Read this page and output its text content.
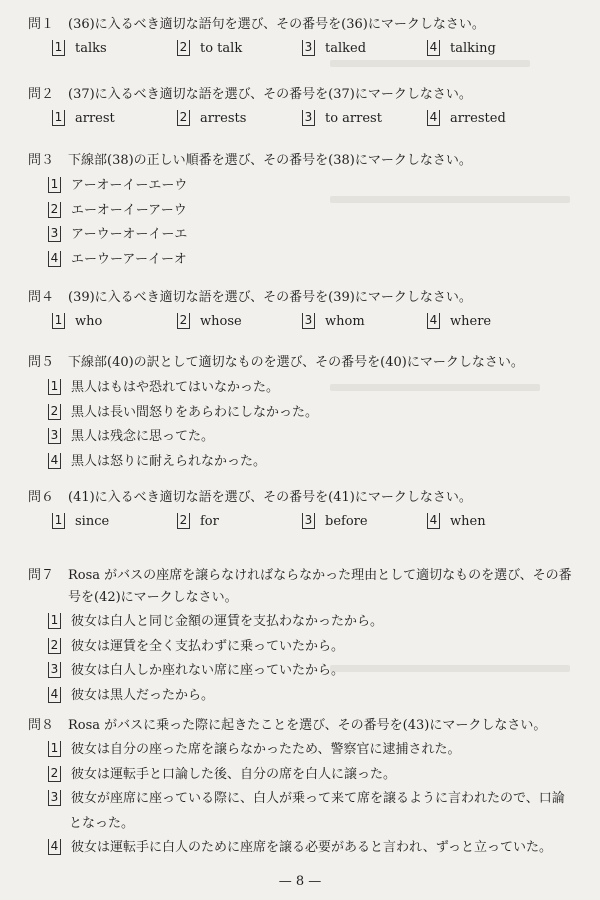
問１	(36)に入るべき適切な語句を選び、その番号を(36)にマークしなさい。
1 talks	2 to talk	3 talked	4 talking
問２	(37)に入るべき適切な語を選び、その番号を(37)にマークしなさい。
1 arrest	2 arrests	3 to arrest	4 arrested
問３	下線部(38)の正しい順番を選び、その番号を(38)にマークしなさい。
1 アーオーイーエーウ
2 エーオーイーアーウ
3 アーウーオーイーエ
4 エーウーアーイーオ
問４	(39)に入るべき適切な語を選び、その番号を(39)にマークしなさい。
1 who	2 whose	3 whom	4 where
問５	下線部(40)の訳として適切なものを選び、その番号を(40)にマークしなさい。
1 黒人はもはや恐れてはいなかった。
2 黒人は長い間怒りをあらわにしなかった。
3 黒人は残念に思ってた。
4 黒人は怒りに耐えられなかった。
問６	(41)に入るべき適切な語を選び、その番号を(41)にマークしなさい。
1 since	2 for	3 before	4 when
問７	Rosa がバスの座席を譲らなければならなかった理由として適切なものを選び、その番
号を(42)にマークしなさい。
1 彼女は白人と同じ金額の運賃を支払わなかったから。
2 彼女は運賃を全く支払わずに乗っていたから。
3 彼女は白人しか座れない席に座っていたから。
4 彼女は黒人だったから。
問８	Rosa がバスに乗った際に起きたことを選び、その番号を(43)にマークしなさい。
1 彼女は自分の座った席を譲らなかったため、警察官に逮捕された。
2 彼女は運転手と口論した後、自分の席を白人に譲った。
3 彼女が座席に座っている際に、白人が乗って来て席を譲るように言われたので、口論
となった。
4 彼女は運転手に白人のために座席を譲る必要があると言われ、ずっと立っていた。
— 8 —
